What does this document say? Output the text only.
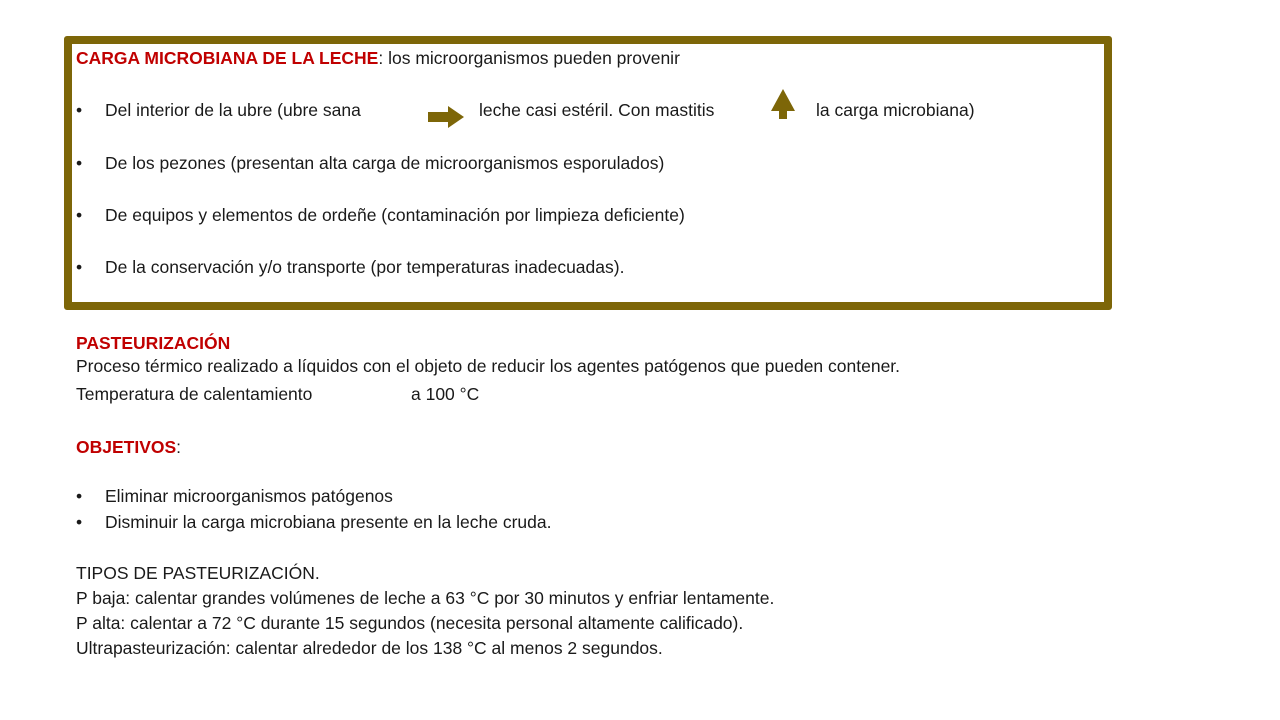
CARGA MICROBIANA DE LA LECHE: los microorganismos pueden provenir
• Del interior de la ubre (ubre sana	leche casi estéril. Con mastitis	la carga microbiana)
• De los pezones (presentan alta carga de microorganismos esporulados)
• De equipos y elementos de ordeñe (contaminación por limpieza deficiente)
• De la conservación y/o transporte (por temperaturas inadecuadas).
PASTEURIZACIÓN
Proceso térmico realizado a líquidos con el objeto de reducir los agentes patógenos que pueden contener.
Temperatura de calentamiento	a 100 °C
OBJETIVOS:
• Eliminar microorganismos patógenos
• Disminuir la carga microbiana presente en la leche cruda.
TIPOS DE PASTEURIZACIÓN.
P baja: calentar grandes volúmenes de leche a 63 °C por 30 minutos y enfriar lentamente.
P alta: calentar a 72 °C durante 15 segundos (necesita personal altamente calificado).
Ultrapasteurización: calentar alrededor de los 138 °C al menos 2 segundos.
